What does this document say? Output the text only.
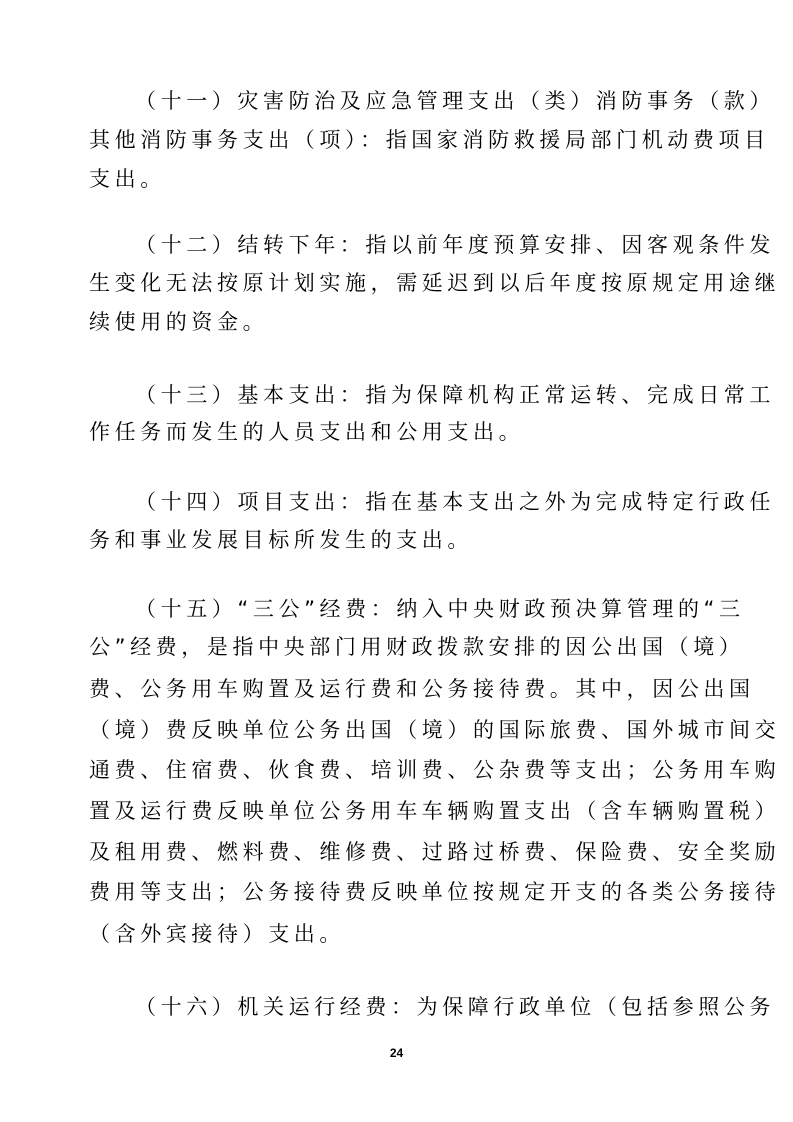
（十一）灾害防治及应急管理支出（类）消防事务（款）
其他消防事务支出（项）：指国家消防救援局部门机动费项目
支出。
（十二）结转下年：指以前年度预算安排、因客观条件发
生变化无法按原计划实施，需延迟到以后年度按原规定用途继
续使用的资金。
（十三）基本支出：指为保障机构正常运转、完成日常工
作任务而发生的人员支出和公用支出。
（十四）项目支出：指在基本支出之外为完成特定行政任
务和事业发展目标所发生的支出。
（十五）“三公”经费：纳入中央财政预决算管理的“三
公”经费，是指中央部门用财政拨款安排的因公出国（境）
费、公务用车购置及运行费和公务接待费。其中，因公出国
（境）费反映单位公务出国（境）的国际旅费、国外城市间交
通费、住宿费、伙食费、培训费、公杂费等支出；公务用车购
置及运行费反映单位公务用车车辆购置支出（含车辆购置税）
及租用费、燃料费、维修费、过路过桥费、保险费、安全奖励
费用等支出；公务接待费反映单位按规定开支的各类公务接待
（含外宾接待）支出。
（十六）机关运行经费：为保障行政单位（包括参照公务
24
